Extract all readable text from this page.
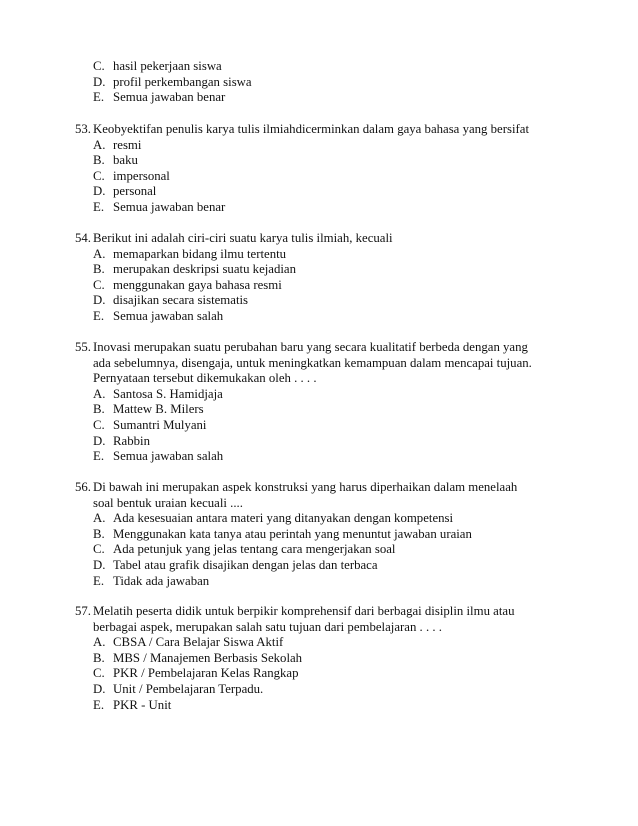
C. hasil pekerjaan siswa
D. profil perkembangan siswa
E. Semua jawaban benar
53. Keobyektifan penulis karya tulis ilmiahdicerminkan dalam gaya bahasa yang bersifat
A. resmi
B. baku
C. impersonal
D. personal
E. Semua jawaban benar
54. Berikut ini adalah ciri-ciri suatu karya tulis ilmiah, kecuali
A. memaparkan bidang ilmu tertentu
B. merupakan deskripsi suatu kejadian
C. menggunakan gaya bahasa resmi
D. disajikan secara sistematis
E. Semua jawaban salah
55. Inovasi merupakan suatu perubahan baru yang secara kualitatif berbeda dengan yang
ada sebelumnya, disengaja, untuk meningkatkan kemampuan dalam mencapai tujuan.
Pernyataan tersebut dikemukakan oleh . . . .
A. Santosa S. Hamidjaja
B. Mattew B. Milers
C. Sumantri Mulyani
D. Rabbin
E. Semua jawaban salah
56. Di bawah ini merupakan aspek konstruksi yang harus diperhaikan dalam menelaah
soal bentuk uraian kecuali ....
A. Ada kesesuaian antara materi yang ditanyakan dengan kompetensi
B. Menggunakan kata tanya atau perintah yang menuntut jawaban uraian
C. Ada petunjuk yang jelas tentang cara mengerjakan soal
D. Tabel atau grafik disajikan dengan jelas dan terbaca
E. Tidak ada jawaban
57. Melatih peserta didik untuk berpikir komprehensif dari berbagai disiplin ilmu atau
berbagai aspek, merupakan salah satu tujuan dari pembelajaran . . . .
A. CBSA / Cara Belajar Siswa Aktif
B. MBS / Manajemen Berbasis Sekolah
C. PKR / Pembelajaran Kelas Rangkap
D. Unit / Pembelajaran Terpadu.
E. PKR - Unit
